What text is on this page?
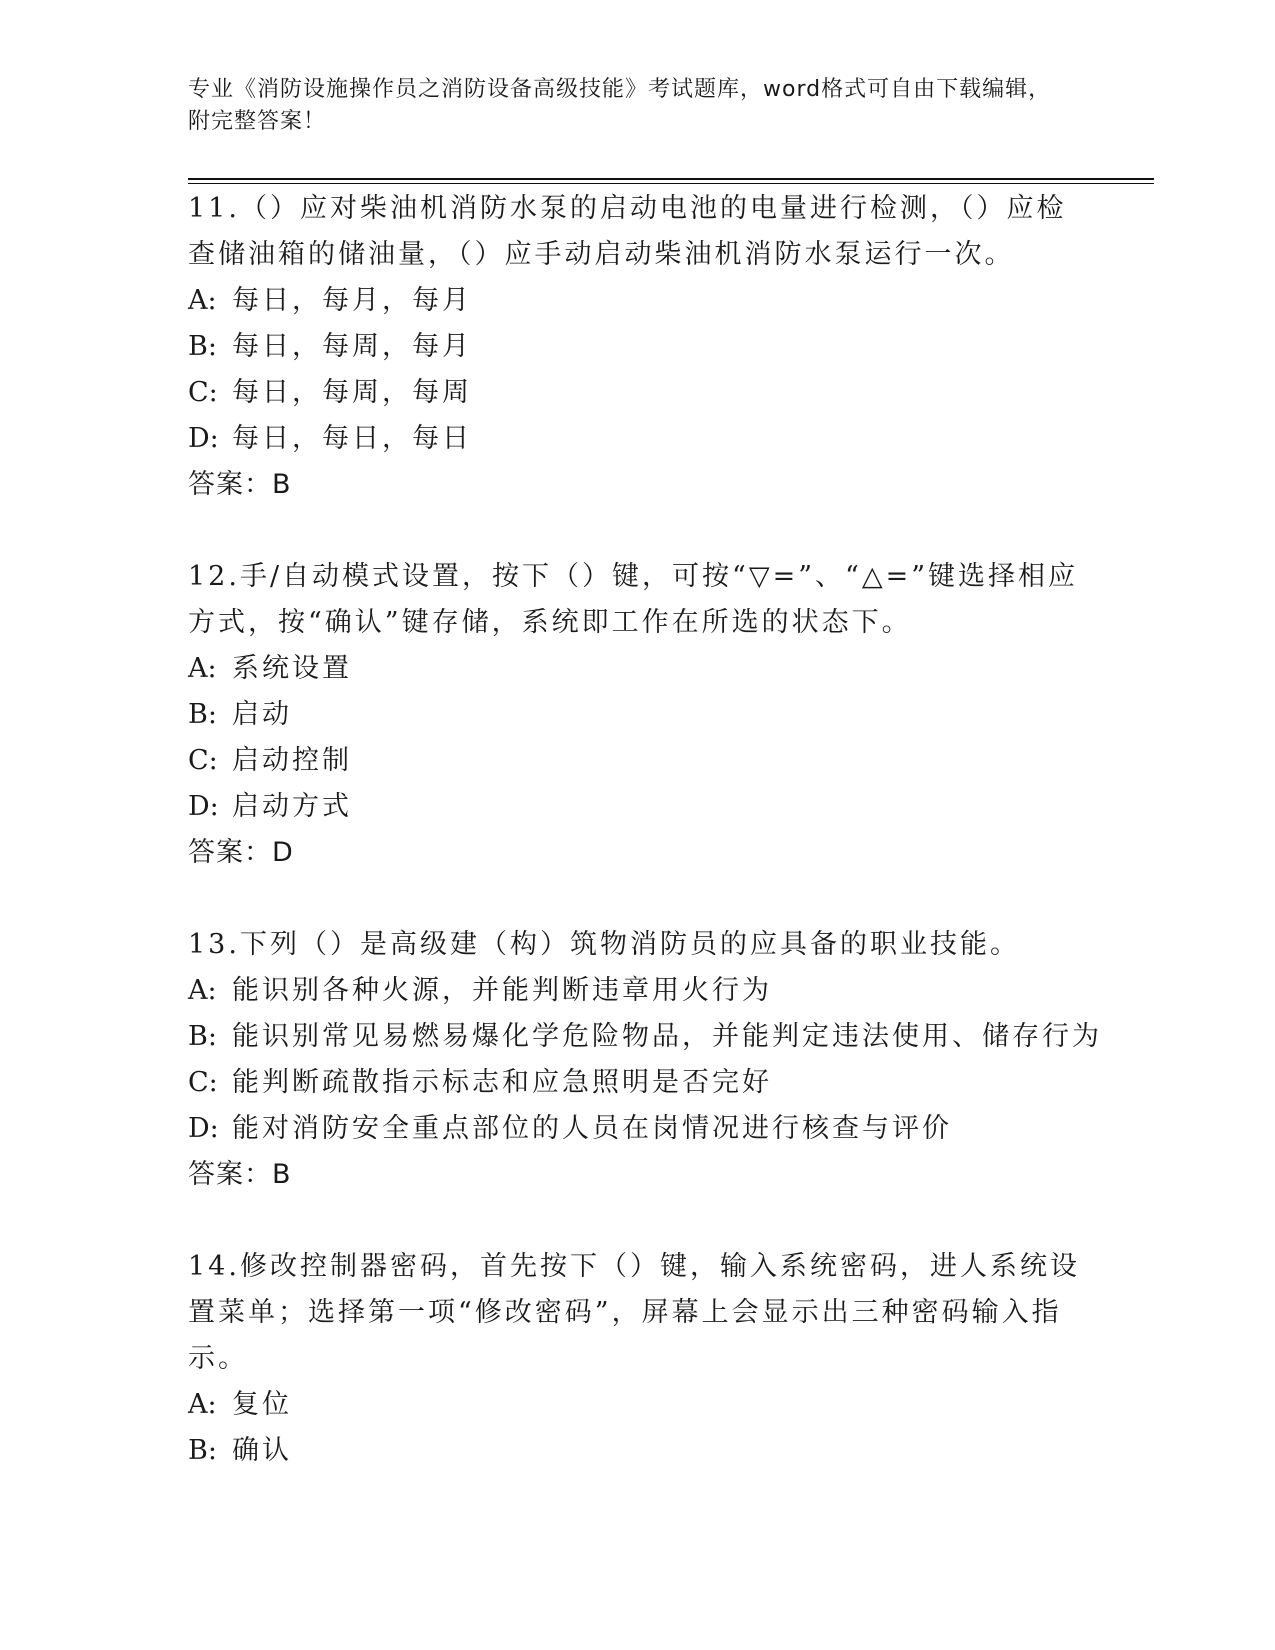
专业《消防设施操作员之消防设备高级技能》考试题库，word格式可自由下载编辑，附完整答案！

11.（）应对柴油机消防水泵的启动电池的电量进行检测，（）应检查储油箱的储油量，（）应手动启动柴油机消防水泵运行一次。

A: 每日，每月，每月

B: 每日，每周，每月

C: 每日，每周，每周

D: 每日，每日，每日

答案：B

12.手/自动模式设置，按下（）键，可按“▽=”、“△=”键选择相应方式，按“确认”键存储，系统即工作在所选的状态下。

A: 系统设置

B: 启动

C: 启动控制

D: 启动方式

答案：D

13.下列（）是高级建（构）筑物消防员的应具备的职业技能。

A: 能识别各种火源，并能判断违章用火行为

B: 能识别常见易燃易爆化学危险物品，并能判定违法使用、储存行为

C: 能判断疏散指示标志和应急照明是否完好

D: 能对消防安全重点部位的人员在岗情况进行核查与评价

答案：B

14.修改控制器密码，首先按下（）键，输入系统密码，进人系统设置菜单；选择第一项“修改密码”，屏幕上会显示出三种密码输入指示。

A: 复位

B: 确认
